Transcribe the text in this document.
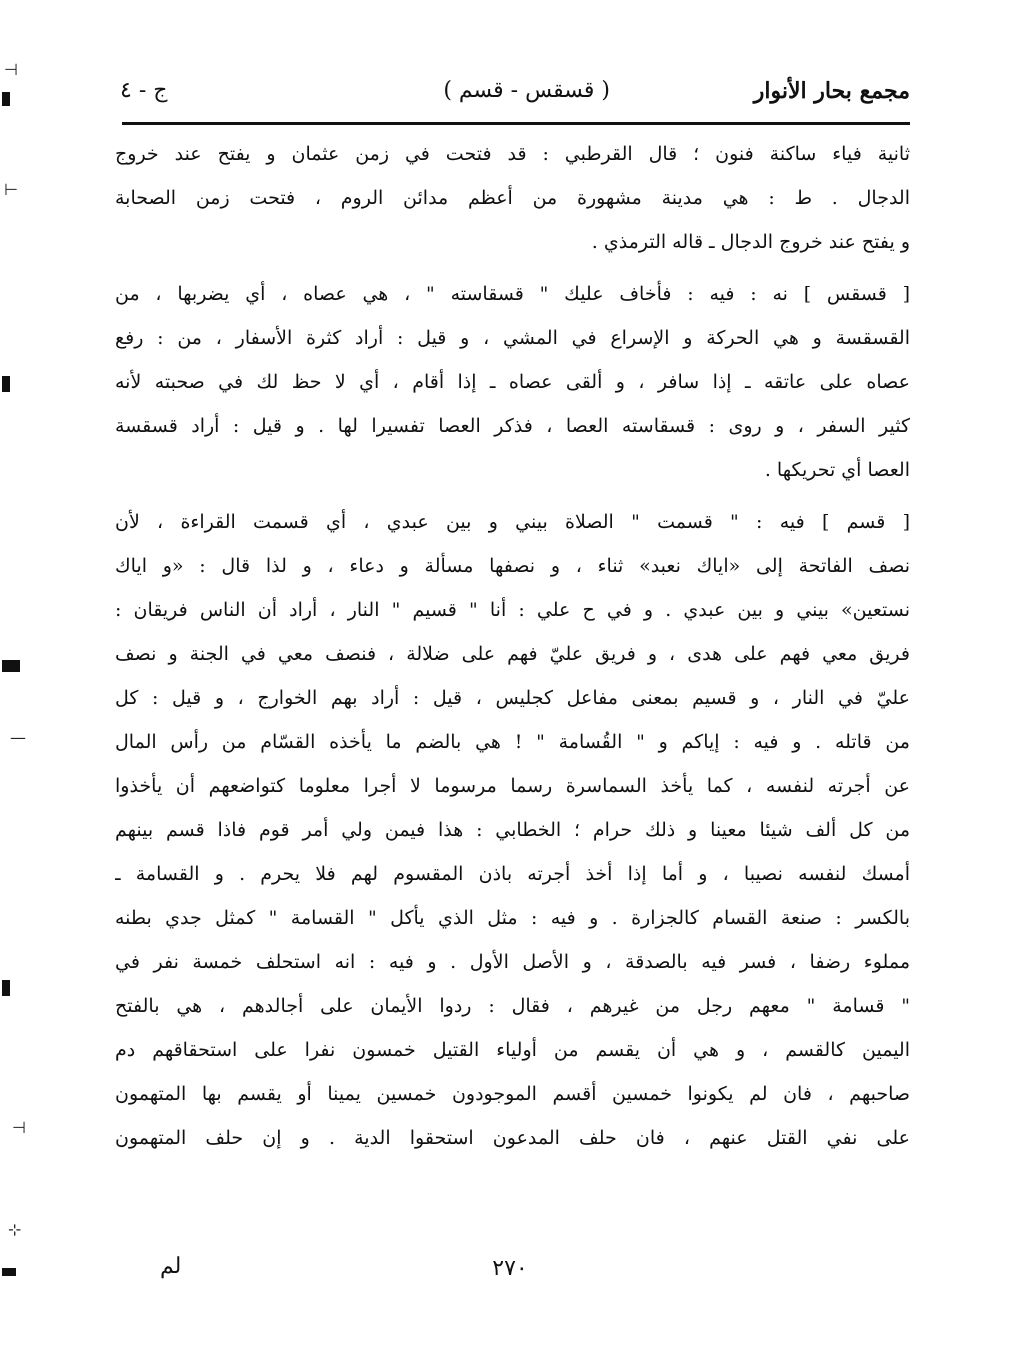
⊣
⊢
—
⊣
⊹
مجمع بحار الأنوار
( قسقس - قسم )
ج - ٤
ثانية فياء ساكنة فنون ؛ قال القرطبي : قد فتحت في زمن عثمان و يفتح عند خروج
الدجال . ط : هي مدينة مشهورة من أعظم مدائن الروم ، فتحت زمن الصحابة
و يفتح عند خروج الدجال ـ قاله الترمذي .
[ قسقس ] نه : فيه : فأخاف عليك " قسقاسته " ، هي عصاه ، أي يضربها ، من
القسقسة و هي الحركة و الإسراع في المشي ، و قيل : أراد كثرة الأسفار ، من : رفع
عصاه على عاتقه ـ إذا سافر ، و ألقى عصاه ـ إذا أقام ، أي لا حظ لك في صحبته لأنه
كثير السفر ، و روى : قسقاسته العصا ، فذكر العصا تفسيرا لها . و قيل : أراد قسقسة
العصا أي تحريكها .
[ قسم ] فيه : " قسمت " الصلاة بيني و بين عبدي ، أي قسمت القراءة ، لأن
نصف الفاتحة إلى «اياك نعبد» ثناء ، و نصفها مسألة و دعاء ، و لذا قال : «و اياك
نستعين» بيني و بين عبدي . و في ح علي : أنا " قسيم " النار ، أراد أن الناس فريقان :
فريق معي فهم على هدى ، و فريق عليّ فهم على ضلالة ، فنصف معي في الجنة و نصف
عليّ في النار ، و قسيم بمعنى مفاعل كجليس ، قيل : أراد بهم الخوارج ، و قيل : كل
من قاتله . و فيه : إياكم و " القُسامة " ! هي بالضم ما يأخذه القسّام من رأس المال
عن أجرته لنفسه ، كما يأخذ السماسرة رسما مرسوما لا أجرا معلوما كتواضعهم أن يأخذوا
من كل ألف شيئا معينا و ذلك حرام ؛ الخطابي : هذا فيمن ولي أمر قوم فاذا قسم بينهم
أمسك لنفسه نصيبا ، و أما إذا أخذ أجرته باذن المقسوم لهم فلا يحرم . و القسامة ـ
بالكسر : صنعة القسام كالجزارة . و فيه : مثل الذي يأكل " القسامة " كمثل جدي بطنه
مملوء رضفا ، فسر فيه بالصدقة ، و الأصل الأول . و فيه : انه استحلف خمسة نفر في
" قسامة " معهم رجل من غيرهم ، فقال : ردوا الأيمان على أجالدهم ، هي بالفتح
اليمين كالقسم ، و هي أن يقسم من أولياء القتيل خمسون نفرا على استحقاقهم دم
صاحبهم ، فان لم يكونوا خمسين أقسم الموجودون خمسين يمينا أو يقسم بها المتهمون
على نفي القتل عنهم ، فان حلف المدعون استحقوا الدية . و إن حلف المتهمون
٢٧٠
لم
